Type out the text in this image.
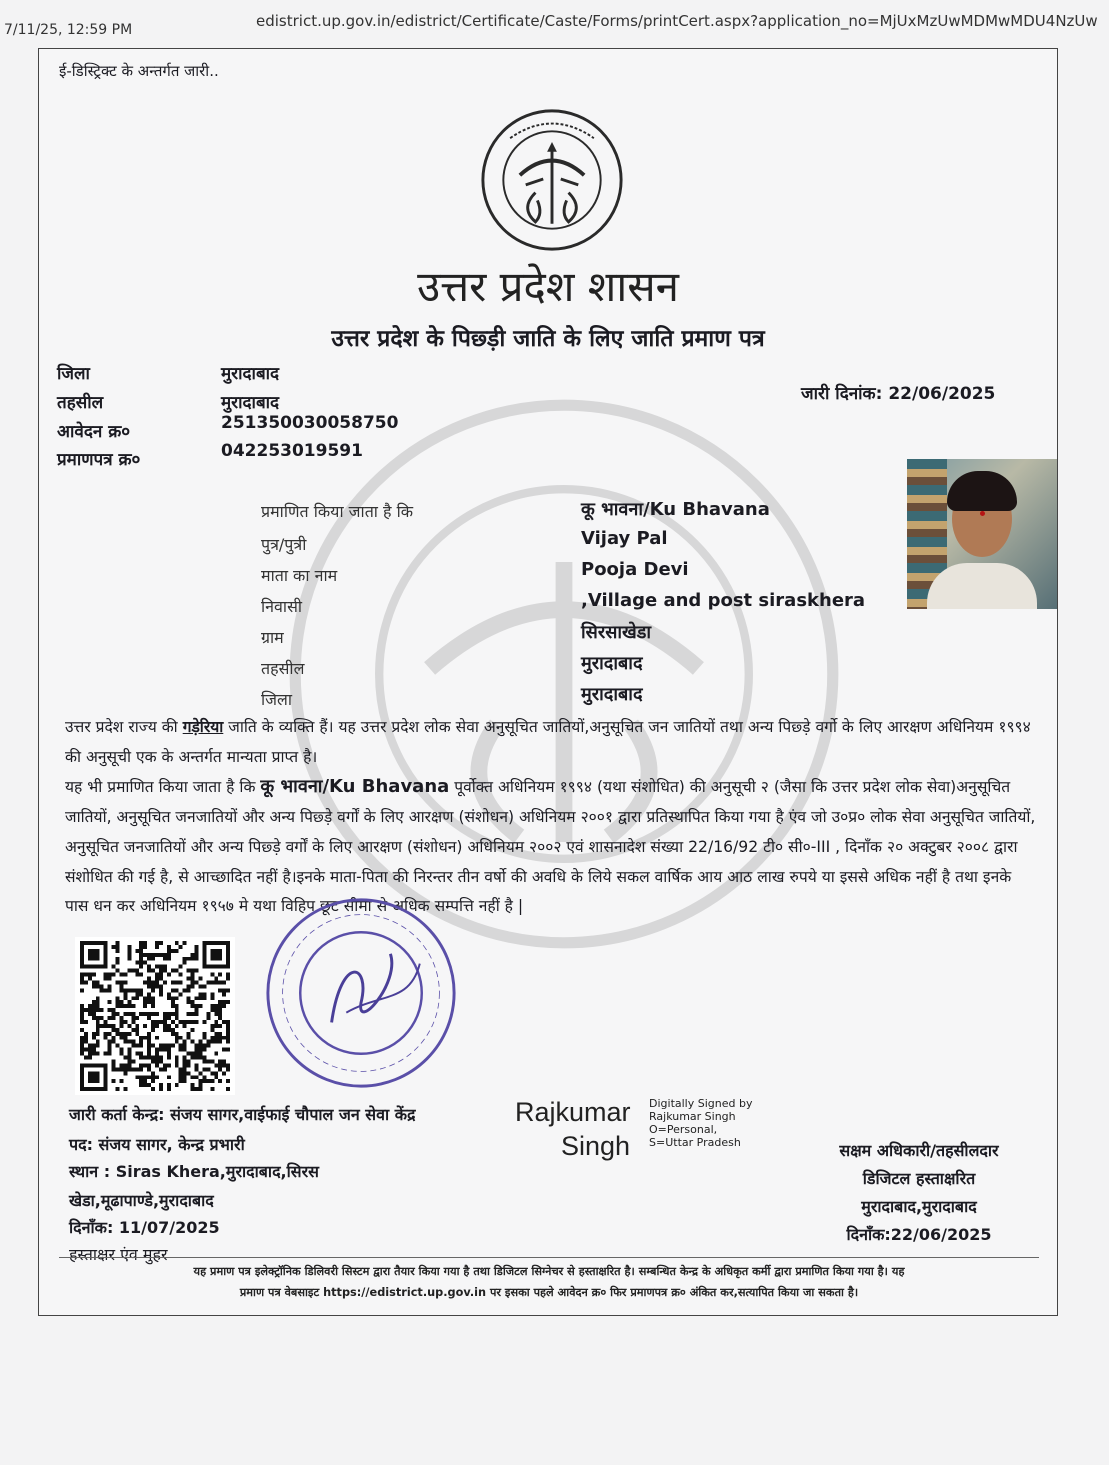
7/11/25, 12:59 PM	edistrict.up.gov.in/edistrict/Certificate/Caste/Forms/printCert.aspx?application_no=MjUxMzUwMDMwMDU4NzUw
ई-डिस्ट्रिक्ट के अन्तर्गत जारी..
उत्तर प्रदेश शासन
उत्तर प्रदेश के पिछ्ड़ी जाति के लिए जाति प्रमाण पत्र
जिला	मुरादाबाद
तहसील	मुरादाबाद
आवेदन क्र०	251350030058750
प्रमाणपत्र क्र०	042253019591
जारी दिनांक: 22/06/2025
प्रमाणित किया जाता है कि	कू भावना/Ku Bhavana
पुत्र/पुत्री	Vijay Pal
माता का नाम	Pooja Devi
निवासी	,Village and post siraskhera
ग्राम	सिरसाखेडा
तहसील	मुरादाबाद
जिला	मुरादाबाद
उत्तर प्रदेश राज्य की गड़ेरिया जाति के व्यक्ति हैं। यह उत्तर प्रदेश लोक सेवा अनुसूचित जातियों,अनुसूचित जन जातियों तथा अन्य पिछ्ड़े वर्गो के लिए आरक्षण अधिनियम १९९४ की अनुसूची एक के अन्तर्गत मान्यता प्राप्त है।
यह भी प्रमाणित किया जाता है कि कू भावना/Ku Bhavana पूर्वोक्त अधिनियम १९९४ (यथा संशोधित) की अनुसूची २ (जैसा कि उत्तर प्रदेश लोक सेवा)अनुसूचित जातियों, अनुसूचित जनजातियों और अन्य पिछ्ड़े वर्गों के लिए आरक्षण (संशोधन) अधिनियम २००१ द्वारा प्रतिस्थापित किया गया है एंव जो उ०प्र० लोक सेवा अनुसूचित जातियों, अनुसूचित जनजातियों और अन्य पिछ्ड़े वर्गों के लिए आरक्षण (संशोधन) अधिनियम २००२ एवं शासनादेश संख्या 22/16/92 टी० सी०-III , दिनाँक २० अक्टुबर २००८ द्वारा संशोधित की गई है, से आच्छादित नहीं है।इनके माता-पिता की निरन्तर तीन वर्षो की अवधि के लिये सकल वार्षिक आय आठ लाख रुपये या इससे अधिक नहीं है तथा इनके पास धन कर अधिनियम १९५७ मे यथा विहिप छूट सीमा से अधिक सम्पत्ति नहीं है |
जारी कर्ता केन्द्र: संजय सागर,वाईफाई चौपाल जन सेवा केंद्र
पद: संजय सागर, केन्द्र प्रभारी
स्थान : Siras Khera,मुरादाबाद,सिरस
खेडा,मूढापाण्डे,मुरादाबाद
दिनाँक: 11/07/2025
हस्ताक्षर एंव मुहर
Rajkumar
Singh
Digitally Signed by
Rajkumar Singh
O=Personal,
S=Uttar Pradesh	सक्षम अधिकारी/तहसीलदार
डिजिटल हस्ताक्षरित
मुरादाबाद,मुरादाबाद
दिनाँक:22/06/2025
यह प्रमाण पत्र इलेक्ट्रॉनिक डिलिवरी सिस्टम द्वारा तैयार किया गया है तथा डिजिटल सिग्नेचर से हस्ताक्षरित है। सम्बन्धित केन्द्र के अधिकृत कर्मी द्वारा प्रमाणित किया गया है। यह
प्रमाण पत्र वेबसाइट https://edistrict.up.gov.in पर इसका पहले आवेदन क्र० फिर प्रमाणपत्र क्र० अंकित कर,सत्यापित किया जा सकता है।
